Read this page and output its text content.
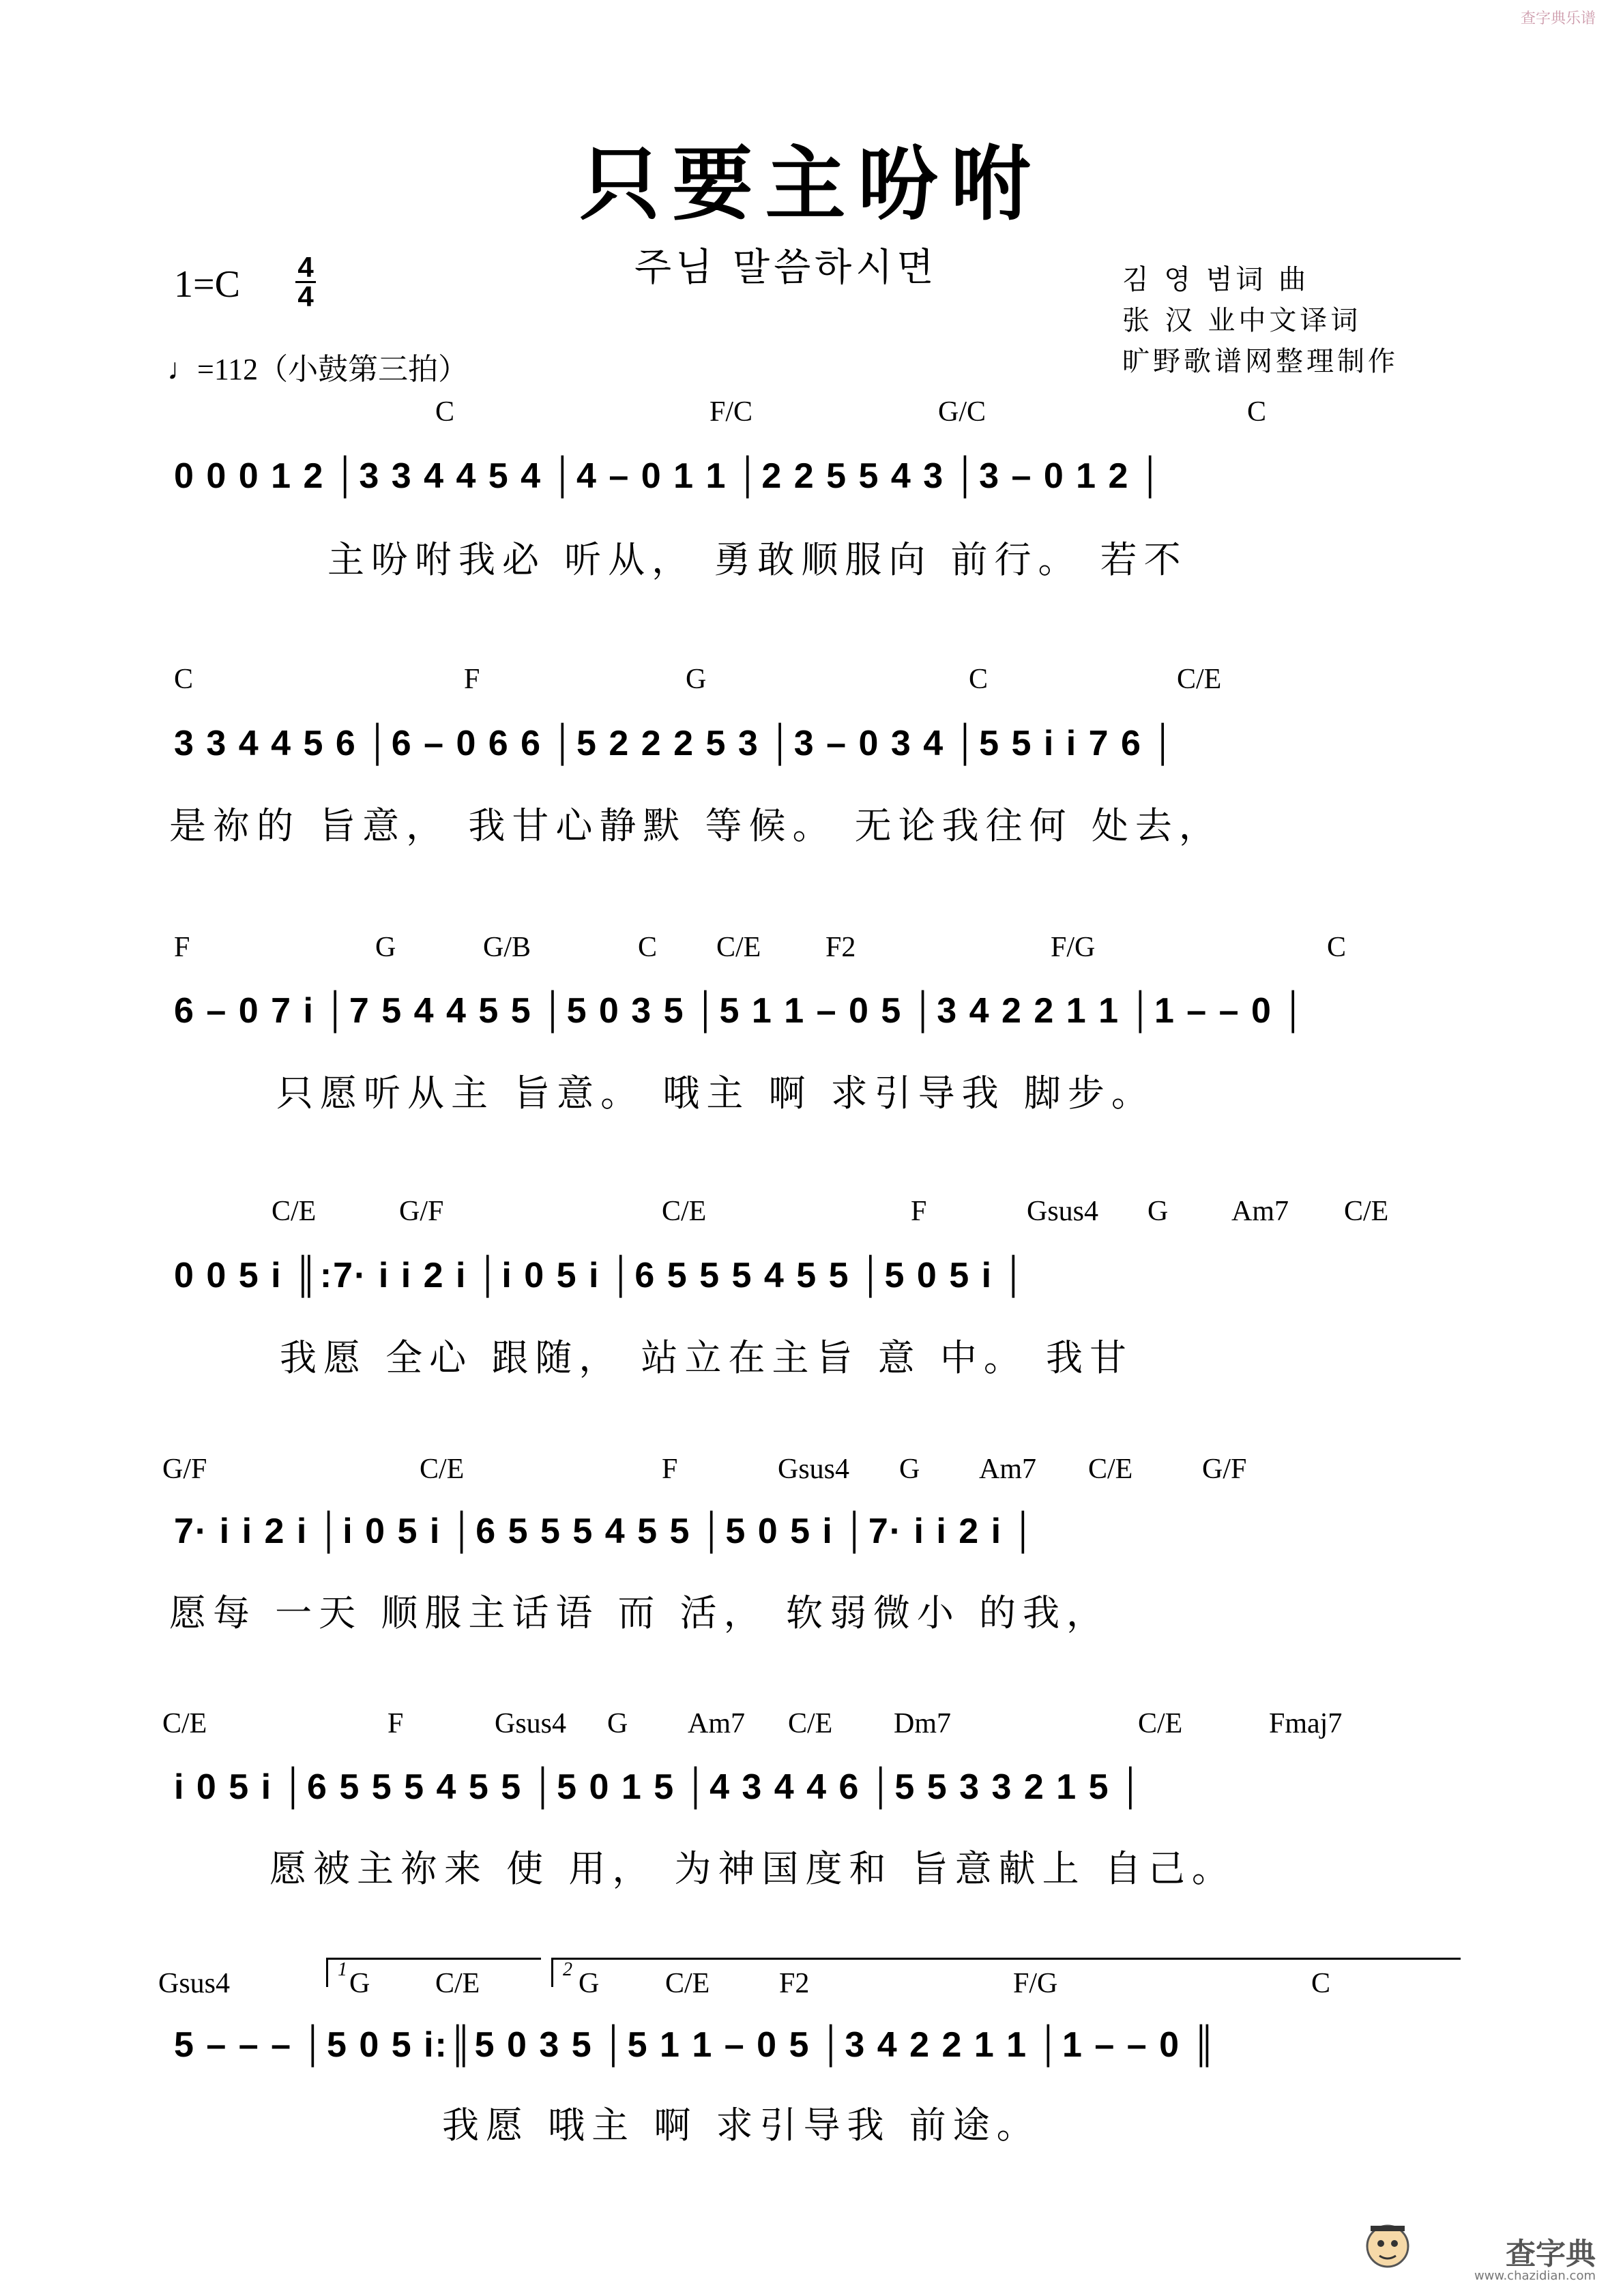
查字典乐谱
只要主吩咐
주님 말씀하시면
1=C 4
4
♩=112（小鼓第三拍）
김 영 범词 曲
张 汉 业中文译词
旷野歌谱网整理制作
C	F/C	G/C	C
0 0 0 1 2 │3 3 4 4 5 4 │4 – 0 1 1 │2 2 5 5 4 3 │3 – 0 1 2 │
主吩咐我必 听从， 勇敢顺服向 前行。 若不
C	F	G	C	C/E
3 3 4 4 5 6 │6 – 0 6 6 │5 2 2 2 5 3 │3 – 0 3 4 │5 5 i i 7 6 │
是祢的 旨意， 我甘心静默 等候。 无论我往何 处去，
F	G	G/B	C C/E F2	F/G	C
6 – 0 7 i │7 5 4 4 5 5 │5 0 3 5 │5 1 1 – 0 5 │3 4 2 2 1 1 │1 – – 0 │
只愿听从主 旨意。 哦主 啊 求引导我 脚步。
C/E	G/F	C/E	F	Gsus4 G Am7 C/E
0 0 5 i ║:7· i i 2 i │i 0 5 i │6 5 5 5 4 5 5 │5 0 5 i │
我愿 全心 跟随， 站立在主旨 意 中。 我甘
G/F	C/E	F	Gsus4 G Am7 C/E G/F
7· i i 2 i │i 0 5 i │6 5 5 5 4 5 5 │5 0 5 i │7· i i 2 i │
愿每 一天 顺服主话语 而 活， 软弱微小 的我，
C/E	F	Gsus4 G Am7 C/E Dm7	C/E	Fmaj7
i 0 5 i │6 5 5 5 4 5 5 │5 0 1 5 │4 3 4 4 6 │5 5 3 3 2 1 5 │
愿被主祢来 使 用， 为神国度和 旨意献上 自己。
1	2
Gsus4	G C/E	G C/E F2	F/G	C
5 – – – │5 0 5 i:║5 0 3 5 │5 1 1 – 0 5 │3 4 2 2 1 1 │1 – – 0 ║
我愿 哦主 啊 求引导我 前途。
查字典
www.chazidian.com
